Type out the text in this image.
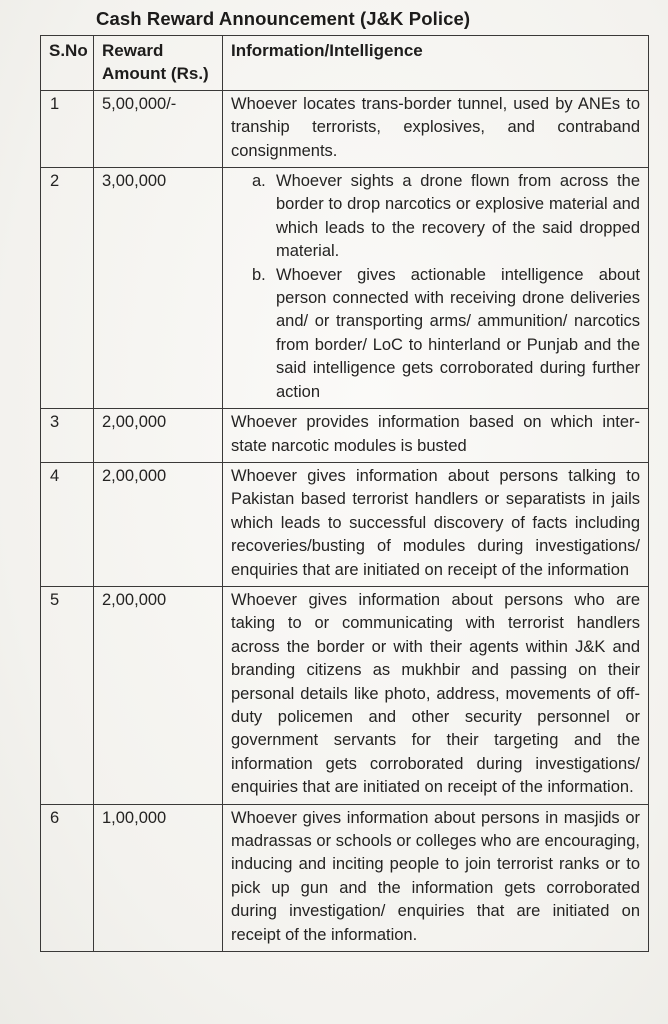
Cash Reward Announcement (J&K Police)
S.No	Reward Amount (Rs.)	Information/Intelligence
1	5,00,000/-	Whoever locates trans-border tunnel, used by ANEs to tranship terrorists, explosives, and contraband consignments.
2	3,00,000	a. Whoever sights a drone flown from across the border to drop narcotics or explosive material and which leads to the recovery of the said dropped material.
b. Whoever gives actionable intelligence about person connected with receiving drone deliveries and/ or transporting arms/ ammunition/ narcotics from border/ LoC to hinterland or Punjab and the said intelligence gets corroborated during further action

3	2,00,000	Whoever provides information based on which inter-state narcotic modules is busted
4	2,00,000	Whoever gives information about persons talking to Pakistan based terrorist handlers or separatists in jails which leads to successful discovery of facts including recoveries/busting of modules during investigations/ enquiries that are initiated on receipt of the information
5	2,00,000	Whoever gives information about persons who are taking to or communicating with terrorist handlers across the border or with their agents within J&K and branding citizens as mukhbir and passing on their personal details like photo, address, movements of off-duty policemen and other security personnel or government servants for their targeting and the information gets corroborated during investigations/ enquiries that are initiated on receipt of the information.
6	1,00,000	Whoever gives information about persons in masjids or madrassas or schools or colleges who are encouraging, inducing and inciting people to join terrorist ranks or to pick up gun and the information gets corroborated during investigation/ enquiries that are initiated on receipt of the information.
